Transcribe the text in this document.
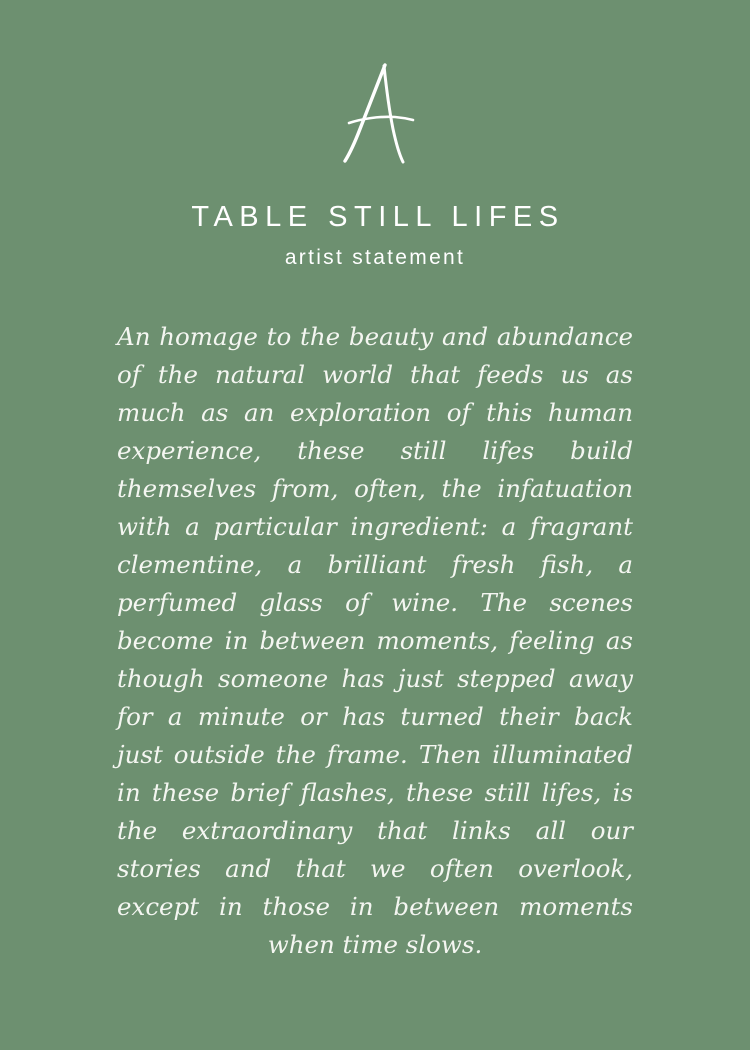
TABLE STILL LIFES
artist statement
An homage to the beauty and abundance of the natural world that feeds us as much as an exploration of this human experience, these still lifes build themselves from, often, the infatuation with a particular ingredient: a fragrant clementine, a brilliant fresh fish, a perfumed glass of wine. The scenes become in between moments, feeling as though someone has just stepped away for a minute or has turned their back just outside the frame. Then illuminated in these brief flashes, these still lifes, is the extraordinary that links all our stories and that we often overlook, except in those in between moments when time slows.
